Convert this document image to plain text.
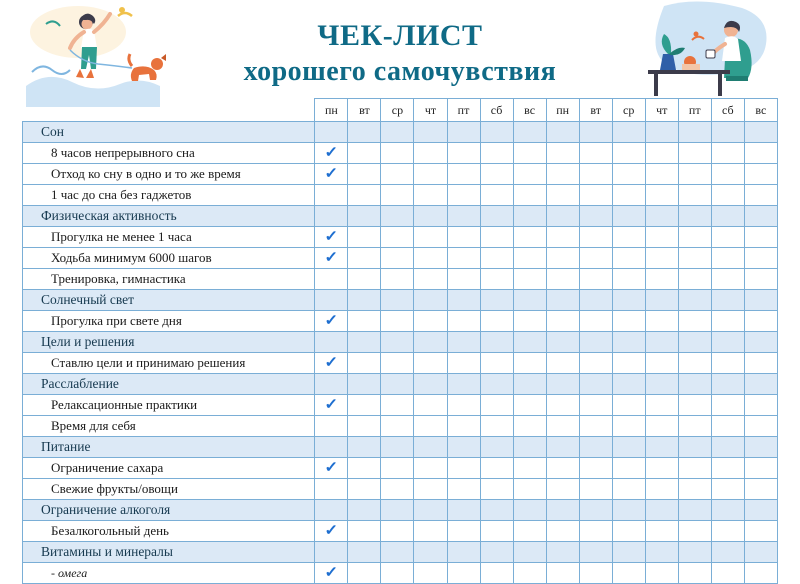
ЧЕК-ЛИСТ
хорошего самочувствия
	пн	вт	ср	чт	пт	сб	вс	пн	вт	ср	чт	пт	сб	вс
Сон														
8 часов непрерывного сна	✓													
Отход ко сну в одно и то же время	✓													
1 час до сна без гаджетов														
Физическая активность														
Прогулка не менее 1 часа	✓													
Ходьба минимум 6000 шагов	✓													
Тренировка, гимнастика														
Солнечный свет														
Прогулка при свете дня	✓													
Цели и решения														
Ставлю цели и принимаю решения	✓													
Расслабление														
Релаксационные практики	✓													
Время для себя														
Питание														
Ограничение сахара	✓													
Свежие фрукты/овощи														
Ограничение алкоголя														
Безалкогольный день	✓													
Витамины и минералы														
- омега	✓													
